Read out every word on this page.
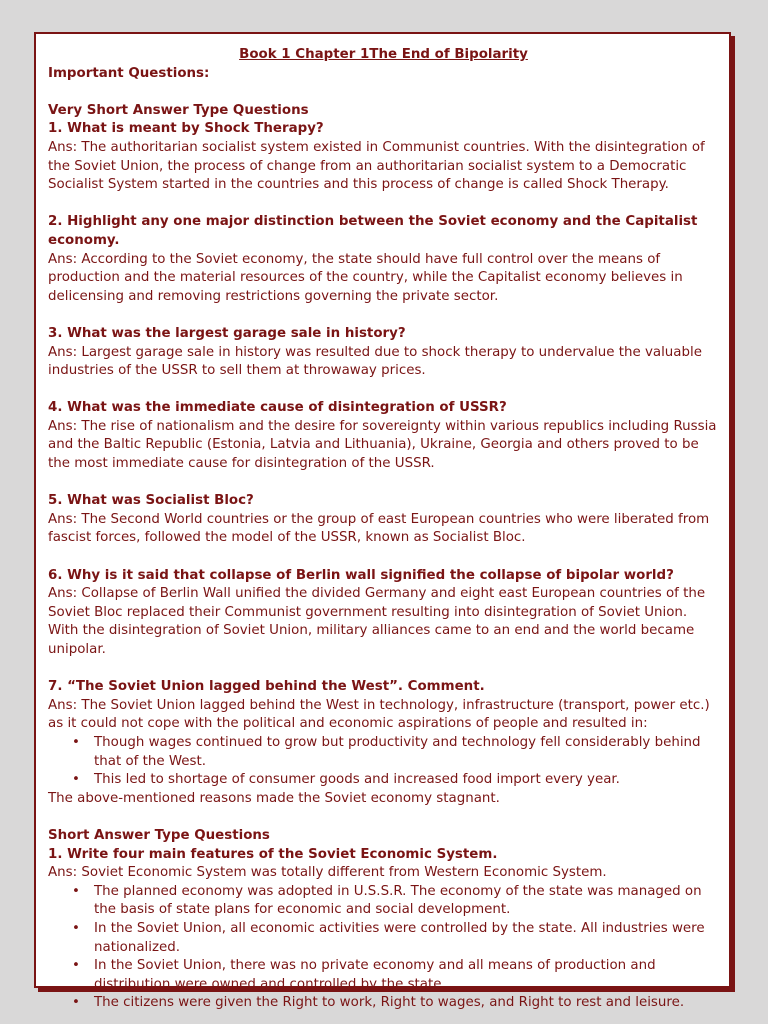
Book 1 Chapter 1The End of Bipolarity

Important Questions:

Very Short Answer Type Questions

1. What is meant by Shock Therapy?

Ans: The authoritarian socialist system existed in Communist countries. With the disintegration of the Soviet Union, the process of change from an authoritarian socialist system to a Democratic Socialist System started in the countries and this process of change is called Shock Therapy.

2. Highlight any one major distinction between the Soviet economy and the Capitalist economy.

Ans: According to the Soviet economy, the state should have full control over the means of production and the material resources of the country, while the Capitalist economy believes in delicensing and removing restrictions governing the private sector.

3. What was the largest garage sale in history?

Ans: Largest garage sale in history was resulted due to shock therapy to undervalue the valuable industries of the USSR to sell them at throwaway prices.

4. What was the immediate cause of disintegration of USSR?

Ans: The rise of nationalism and the desire for sovereignty within various republics including Russia and the Baltic Republic (Estonia, Latvia and Lithuania), Ukraine, Georgia and others proved to be the most immediate cause for disintegration of the USSR.

5. What was Socialist Bloc?

Ans: The Second World countries or the group of east European countries who were liberated from fascist forces, followed the model of the USSR, known as Socialist Bloc.

6. Why is it said that collapse of Berlin wall signified the collapse of bipolar world?

Ans: Collapse of Berlin Wall unified the divided Germany and eight east European countries of the Soviet Bloc replaced their Communist government resulting into disintegration of Soviet Union. With the disintegration of Soviet Union, military alliances came to an end and the world became unipolar.

7. “The Soviet Union lagged behind the West”. Comment.

Ans: The Soviet Union lagged behind the West in technology, infrastructure (transport, power etc.) as it could not cope with the political and economic aspirations of people and resulted in:

• Though wages continued to grow but productivity and technology fell considerably behind that of the West.
• This led to shortage of consumer goods and increased food import every year.

The above-mentioned reasons made the Soviet economy stagnant.

Short Answer Type Questions

1. Write four main features of the Soviet Economic System.

Ans: Soviet Economic System was totally different from Western Economic System.

• The planned economy was adopted in U.S.S.R. The economy of the state was managed on the basis of state plans for economic and social development.
• In the Soviet Union, all economic activities were controlled by the state. All industries were nationalized.
• In the Soviet Union, there was no private economy and all means of production and distribution were owned and controlled by the state.
• The citizens were given the Right to work, Right to wages, and Right to rest and leisure.
